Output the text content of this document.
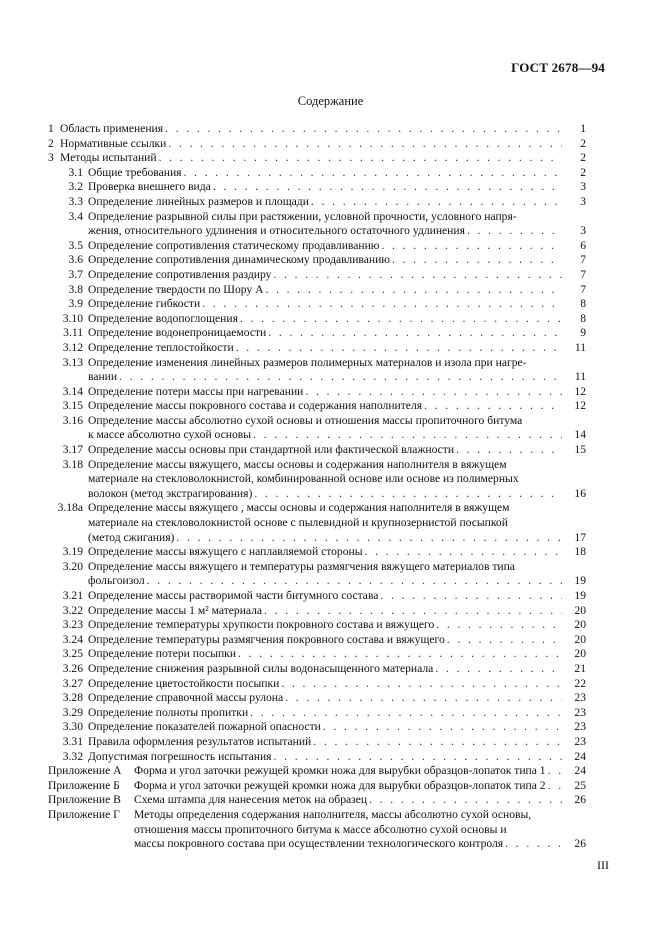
ГОСТ 2678—94
Содержание
1 Область применения . . .	1
2 Нормативные ссылки . . .	2
3 Методы испытаний . . .	2
3.1 Общие требования . . .	2
3.2 Проверка внешнего вида . . .	3
3.3 Определение линейных размеров и площади . . .	3
3.4 Определение разрывной силы при растяжении, условной прочности, условного напря-
жения, относительного удлинения и относительного остаточного удлинения . . .	3
3.5 Определение сопротивления статическому продавливанию . . .	6
3.6 Определение сопротивления динамическому продавливанию . . .	7
3.7 Определение сопротивления раздиру . . .	7
3.8 Определение твердости по Шору А . . .	7
3.9 Определение гибкости . . .	8
3.10 Определение водопоглощения . . .	8
3.11 Определение водонепроницаемости . . .	9
3.12 Определение теплостойкости . . .	11
3.13 Определение изменения линейных размеров полимерных материалов и изола при нагре-
вании . . .	11
3.14 Определение потери массы при нагревании . . .	12
3.15 Определение массы покровного состава и содержания наполнителя . . .	12
3.16 Определение массы абсолютно сухой основы и отношения массы пропиточного битума
к массе абсолютно сухой основы . . .	14
3.17 Определение массы основы при стандартной или фактической влажности . . .	15
3.18 Определение массы вяжущего, массы основы и содержания наполнителя в вяжущем
материале на стекловолокнистой, комбинированной основе или основе из полимерных
волокон (метод экстрагирования) . . .	16
3.18а Определение массы вяжущего , массы основы и содержания наполнителя в вяжущем
материале на стекловолокнистой основе с пылевидной и крупнозернистой посыпкой
(метод сжигания) . . .	17
3.19 Определение массы вяжущего с наплавляемой стороны . . .	18
3.20 Определение массы вяжущего и температуры размягчения вяжущего материалов типа
фольгоизол . . .	19
3.21 Определение массы растворимой части битумного состава . . .	19
3.22 Определение массы 1 м² материала . . .	20
3.23 Определение температуры хрупкости покровного состава и вяжущего . . .	20
3.24 Определение температуры размягчения покровного состава и вяжущего . . .	20
3.25 Определение потери посыпки . . .	20
3.26 Определение снижения разрывной силы водонасыщенного материала . . .	21
3.27 Определение цветостойкости посыпки . . .	22
3.28 Определение справочной массы рулона . . .	23
3.29 Определение полноты пропитки . . .	23
3.30 Определение показателей пожарной опасности . . .	23
3.31 Правила оформления результатов испытаний . . .	23
3.32 Допустимая погрешность испытания . . .	24
Приложение А	Форма и угол заточки режущей кромки ножа для вырубки образцов-лопаток типа 1 . . .	24
Приложение Б	Форма и угол заточки режущей кромки ножа для вырубки образцов-лопаток типа 2 . . .	25
Приложение В	Схема штампа для нанесения меток на образец . . .	26
Приложение Г	Методы определения содержания наполнителя, массы абсолютно сухой основы,
отношения массы пропиточного битума к массе абсолютно сухой основы и
массы покровного состава при осуществлении технологического контроля . . .	26
III
